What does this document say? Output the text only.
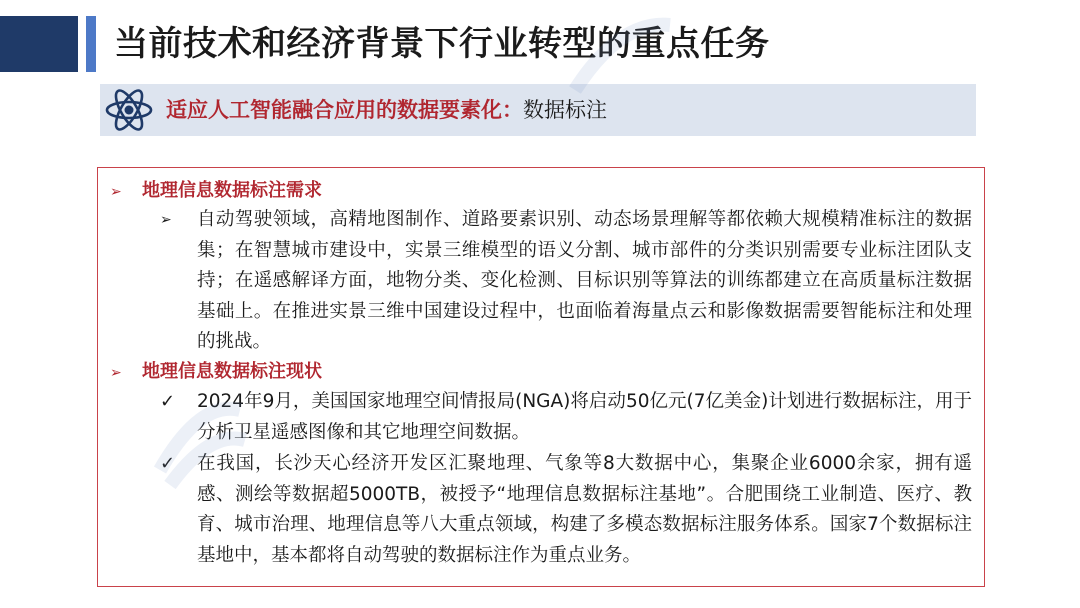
当前技术和经济背景下行业转型的重点任务
适应人工智能融合应用的数据要素化：数据标注
➢ 地理信息数据标注需求
➢ 自动驾驶领域，高精地图制作、道路要素识别、动态场景理解等都依赖大规模精准标注的数据集；在智慧城市建设中，实景三维模型的语义分割、城市部件的分类识别需要专业标注团队支持；在遥感解译方面，地物分类、变化检测、目标识别等算法的训练都建立在高质量标注数据基础上。在推进实景三维中国建设过程中，也面临着海量点云和影像数据需要智能标注和处理的挑战。
➢ 地理信息数据标注现状
✓ 2024年9月，美国国家地理空间情报局(NGA)将启动50亿元(7亿美金)计划进行数据标注，用于分析卫星遥感图像和其它地理空间数据。
✓ 在我国，长沙天心经济开发区汇聚地理、气象等8大数据中心，集聚企业6000余家，拥有遥感、测绘等数据超5000TB，被授予“地理信息数据标注基地”。合肥围绕工业制造、医疗、教育、城市治理、地理信息等八大重点领域，构建了多模态数据标注服务体系。国家7个数据标注基地中，基本都将自动驾驶的数据标注作为重点业务。
